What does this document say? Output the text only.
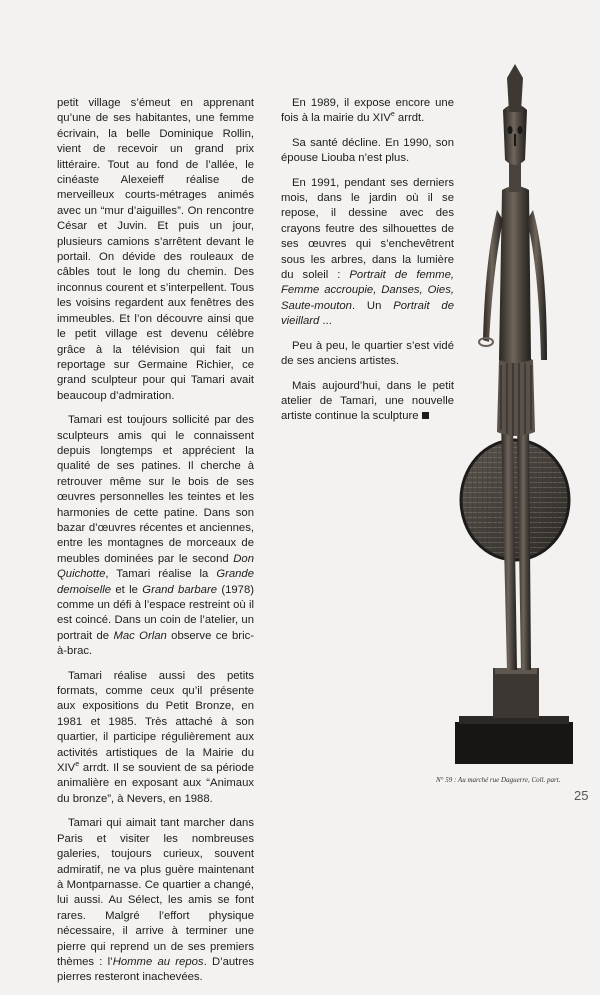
petit village s’émeut en apprenant qu’une de ses habitantes, une femme écrivain, la belle Dominique Rollin, vient de recevoir un grand prix littéraire. Tout au fond de l’allée, le cinéaste Alexeieff réalise de merveilleux courts-métrages animés avec un “mur d’aiguilles”. On rencontre César et Juvin. Et puis un jour, plusieurs camions s’arrêtent devant le portail. On dévide des rouleaux de câbles tout le long du chemin. Des inconnus courent et s’interpellent. Tous les voisins regardent aux fenêtres des immeubles. Et l’on découvre ainsi que le petit village est devenu célèbre grâce à la télévision qui fait un reportage sur Germaine Richier, ce grand sculpteur pour qui Tamari avait beaucoup d’admiration.

Tamari est toujours sollicité par des sculpteurs amis qui le connaissent depuis longtemps et apprécient la qualité de ses patines. Il cherche à retrouver même sur le bois de ses œuvres personnelles les teintes et les harmonies de cette patine. Dans son bazar d’œuvres récentes et anciennes, entre les montagnes de morceaux de meubles dominées par le second Don Quichotte, Tamari réalise la Grande demoiselle et le Grand barbare (1978) comme un défi à l’espace restreint où il est coincé. Dans un coin de l’atelier, un portrait de Mac Orlan observe ce bric-à-brac.

Tamari réalise aussi des petits formats, comme ceux qu’il présente aux expositions du Petit Bronze, en 1981 et 1985. Très attaché à son quartier, il participe régulièrement aux activités artistiques de la Mairie du XIVe arrdt. Il se souvient de sa période animalière en exposant aux “Animaux du bronze”, à Nevers, en 1988.

Tamari qui aimait tant marcher dans Paris et visiter les nombreuses galeries, toujours curieux, souvent admiratif, ne va plus guère maintenant à Montparnasse. Ce quartier a changé, lui aussi. Au Sélect, les amis se font rares. Malgré l’effort physique nécessaire, il arrive à terminer une pierre qui reprend un de ses premiers thèmes : l’Homme au repos. D’autres pierres resteront inachevées.

En 1989, il expose encore une fois à la mairie du XIVe arrdt.

Sa santé décline. En 1990, son épouse Liouba n’est plus.

En 1991, pendant ses derniers mois, dans le jardin où il se repose, il dessine avec des crayons feutre des silhouettes de ses œuvres qui s’enchevêtrent sous les arbres, dans la lumière du soleil : Portrait de femme, Femme accroupie, Danses, Oies, Saute-mouton. Un Portrait de vieillard ...

Peu à peu, le quartier s’est vidé de ses anciens artistes.

Mais aujourd’hui, dans le petit atelier de Tamari, une nouvelle artiste continue la sculpture

N° 59 : Au marché rue Daguerre, Coll. part.
25
